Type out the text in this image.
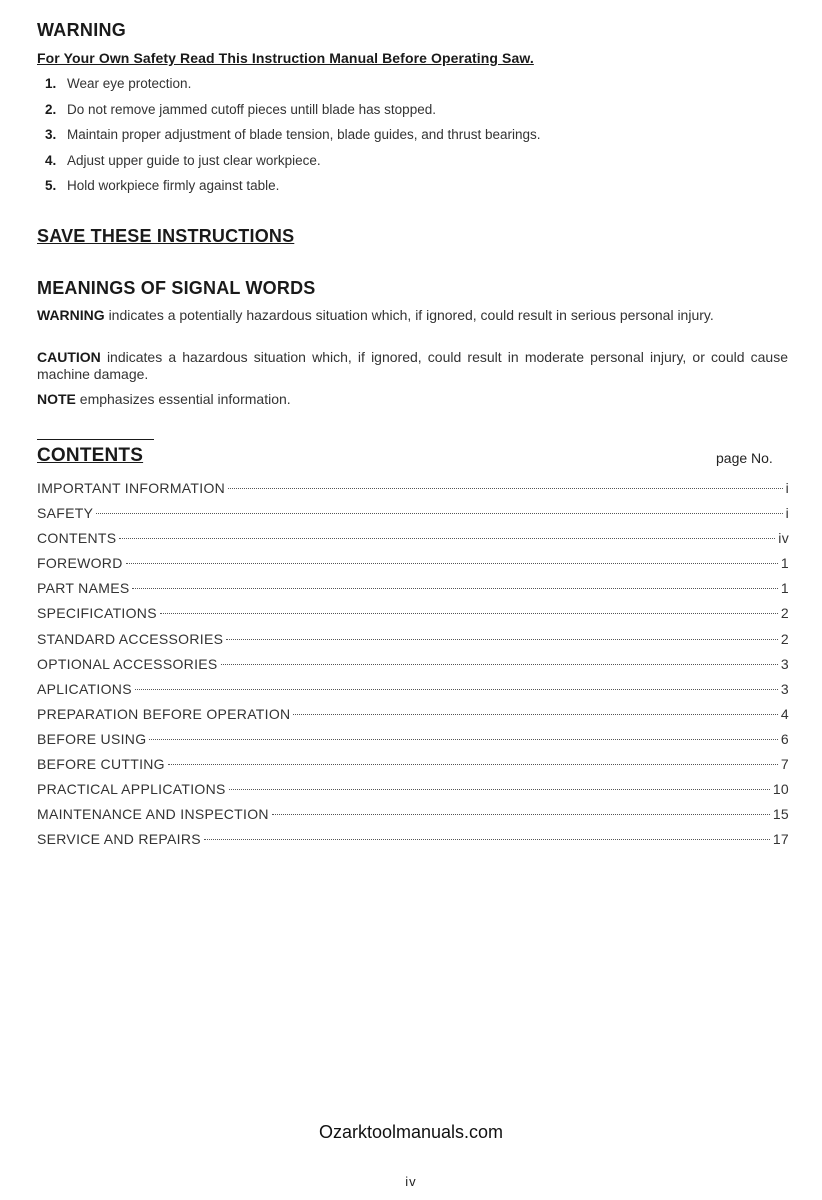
WARNING
For Your Own Safety Read This Instruction Manual Before Operating Saw.
1. Wear eye protection.
2. Do not remove jammed cutoff pieces untill blade has stopped.
3. Maintain proper adjustment of blade tension, blade guides, and thrust bearings.
4. Adjust upper guide to just clear workpiece.
5. Hold workpiece firmly against table.
SAVE THESE INSTRUCTIONS
MEANINGS OF SIGNAL WORDS
WARNING indicates a potentially hazardous situation which, if ignored, could result in serious personal injury.
CAUTION indicates a hazardous situation which, if ignored, could result in moderate personal injury, or could cause machine damage.
NOTE emphasizes essential information.
CONTENTS	page No.
IMPORTANT INFORMATION	i
SAFETY	i
CONTENTS	iv
FOREWORD	1
PART NAMES	1
SPECIFICATIONS	2
STANDARD ACCESSORIES	2
OPTIONAL ACCESSORIES	3
APLICATIONS	3
PREPARATION BEFORE OPERATION	4
BEFORE USING	6
BEFORE CUTTING	7
PRACTICAL APPLICATIONS	10
MAINTENANCE AND INSPECTION	15
SERVICE AND REPAIRS	17
Ozarktoolmanuals.com
iv
